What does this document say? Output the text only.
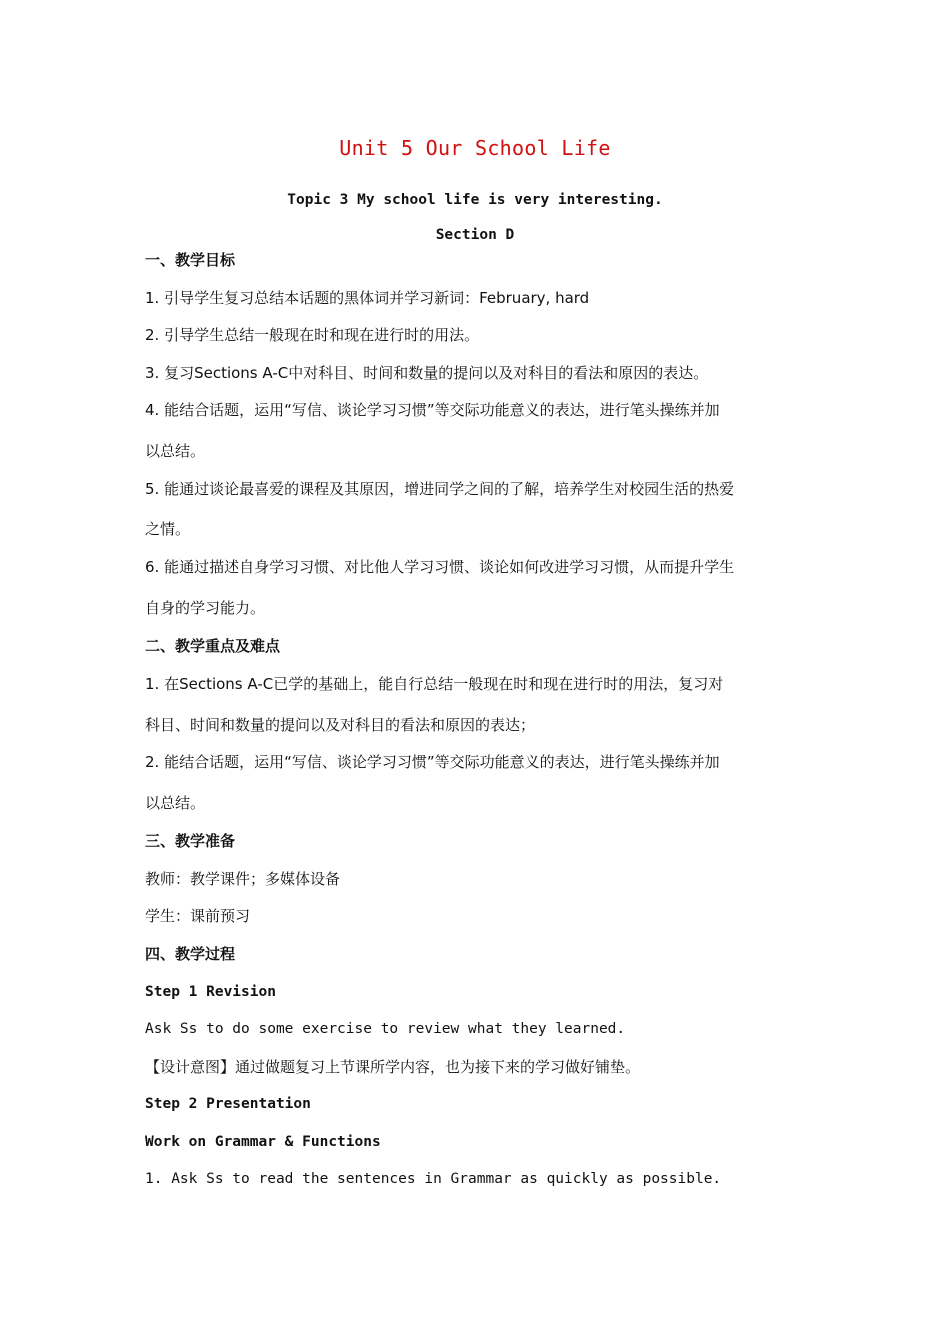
Unit 5 Our School Life
Topic 3 My school life is very interesting.
Section D
一、教学目标
1. 引导学生复习总结本话题的黑体词并学习新词：February, hard
2. 引导学生总结一般现在时和现在进行时的用法。
3. 复习Sections A-C中对科目、时间和数量的提问以及对科目的看法和原因的表达。
4. 能结合话题，运用“写信、谈论学习习惯”等交际功能意义的表达，进行笔头操练并加
以总结。
5. 能通过谈论最喜爱的课程及其原因，增进同学之间的了解，培养学生对校园生活的热爱
之情。
6. 能通过描述自身学习习惯、对比他人学习习惯、谈论如何改进学习习惯，从而提升学生
自身的学习能力。
二、教学重点及难点
1. 在Sections A-C已学的基础上，能自行总结一般现在时和现在进行时的用法，复习对
科目、时间和数量的提问以及对科目的看法和原因的表达；
2. 能结合话题，运用“写信、谈论学习习惯”等交际功能意义的表达，进行笔头操练并加
以总结。
三、教学准备
教师：教学课件；多媒体设备
学生：课前预习
四、教学过程
Step 1 Revision
Ask Ss to do some exercise to review what they learned.
【设计意图】通过做题复习上节课所学内容，也为接下来的学习做好铺垫。
Step 2 Presentation
Work on Grammar & Functions
1. Ask Ss to read the sentences in Grammar as quickly as possible.
